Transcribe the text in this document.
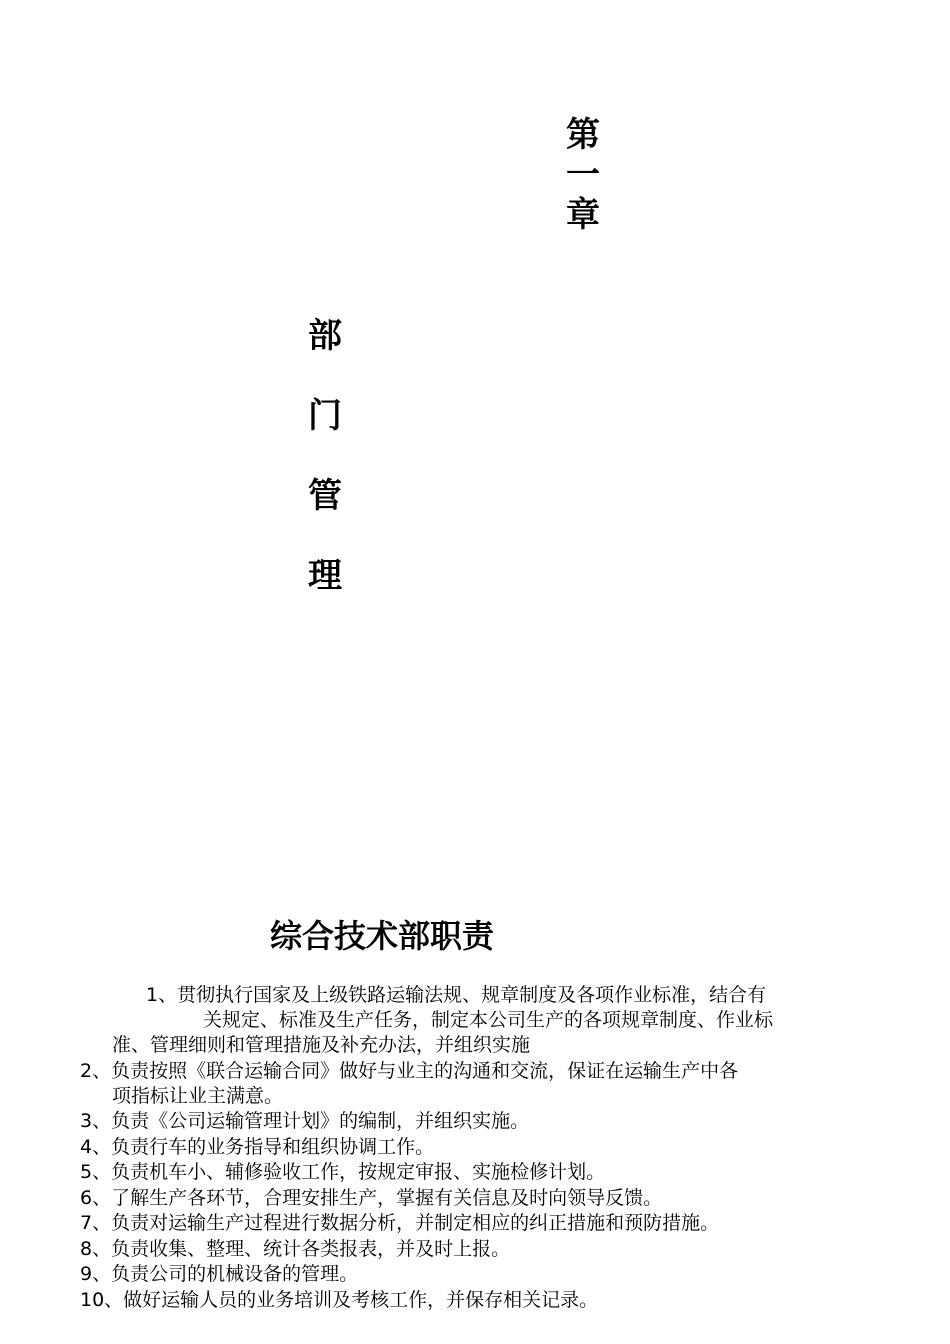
第
一
章
部
门
管
理
综合技术部职责
1、贯彻执行国家及上级铁路运输法规、规章制度及各项作业标准，结合有
关规定、标准及生产任务，制定本公司生产的各项规章制度、作业标
准、管理细则和管理措施及补充办法，并组织实施
2、负责按照《联合运输合同》做好与业主的沟通和交流，保证在运输生产中各
项指标让业主满意。
3、负责《公司运输管理计划》的编制，并组织实施。
4、负责行车的业务指导和组织协调工作。
5、负责机车小、辅修验收工作，按规定审报、实施检修计划。
6、了解生产各环节，合理安排生产，掌握有关信息及时向领导反馈。
7、负责对运输生产过程进行数据分析，并制定相应的纠正措施和预防措施。
8、负责收集、整理、统计各类报表，并及时上报。
9、负责公司的机械设备的管理。
10、做好运输人员的业务培训及考核工作，并保存相关记录。
